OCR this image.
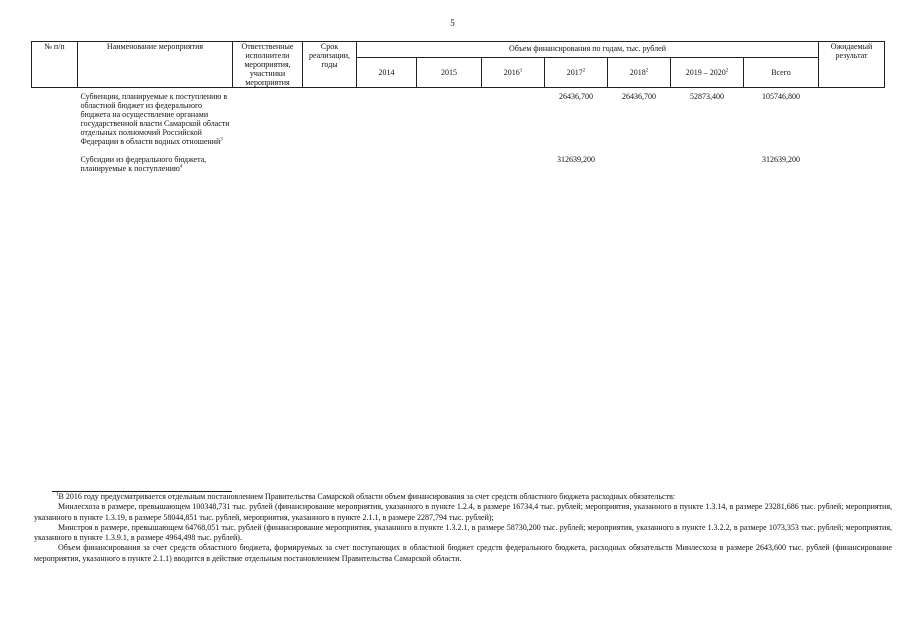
5
№ п/п	Наименование мероприятия	Ответственные исполнители мероприятия, участники мероприятия	Срок реализации, годы	Объем финансирования по годам, тыс. рублей							Ожидаемый результат
				2014	2015	2016$^1$	2017$^2$	2018$^2$	2019 – 2020$^2$	Всего	
	Субвенции, планируемые к поступлению в областной бюджет из федерального бюджета на осуществление органами государственной власти Самарской области отдельных полномочий Российской Федерации в области водных отношений$^3$						26436,700	26436,700	52873,400	105746,800	
	Субсидии из федерального бюджета, планируемые к поступлению$^4$						312639,200			312639,200	

$^1$В 2016 году предусматривается отдельным постановлением Правительства Самарской области объем финансирования за счет средств областного бюджета расходных обязательств:

Минлесхоза в размере, превышающем 100348,731 тыс. рублей (финансирование мероприятия, указанного в пункте 1.2.4, в размере 16734,4 тыс. рублей; мероприятия, указанного в пункте 1.3.14, в размере 23281,686 тыс. рублей; мероприятия, указанного в пункте 1.3.19, в размере 58044,851 тыс. рублей, мероприятия, указанного в пункте 2.1.1, в размере 2287,794 тыс. рублей);

Минстроя в размере, превышающем 64768,051 тыс. рублей (финансирование мероприятия, указанного в пункте 1.3.2.1, в размере 58730,200 тыс. рублей; мероприятия, указанного в пункте 1.3.2.2, в размере 1073,353 тыс. рублей; мероприятия, указанного в пункте 1.3.9.1, в размере 4964,498 тыс. рублей).

Объем финансирования за счет средств областного бюджета, формируемых за счет поступающих в областной бюджет средств федерального бюджета, расходных обязательств Минлесхоза в размере 2643,600 тыс. рублей (финансирование мероприятия, указанного в пункте 2.1.1) вводится в действие отдельным постановлением Правительства Самарской области.
